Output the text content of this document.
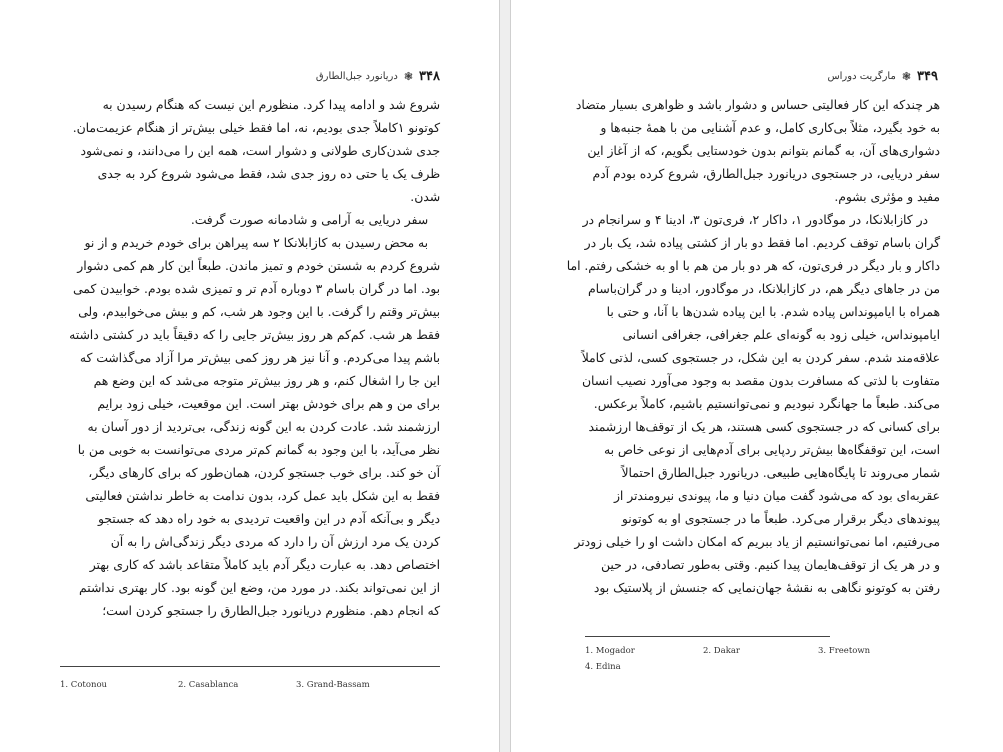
دریانورد جبل‌الطارق ❃ ۳۴۸
شروع شد و ادامه پیدا کرد. منظورم این نیست که هنگام رسیدن به
کوتونو ۱کاملاً جدی بودیم، نه، اما فقط خیلی بیش‌تر از هنگام عزیمت‌مان.
جدی شدن‌کاری طولانی و دشوار است، همه این را می‌دانند، و نمی‌شود
ظرف یک یا حتی ده روز جدی شد، فقط می‌شود شروع کرد به جدی
شدن.
سفر دریایی به آرامی و شادمانه صورت گرفت.
به محض رسیدن به کازابلانکا ۲ سه پیراهن برای خودم خریدم و از نو
شروع کردم به شستن خودم و تمیز ماندن. طبعاً این کار هم کمی دشوار
بود. اما در گران باسام ۳ دوباره آدم تر و تمیزی شده بودم. خوابیدن کمی
بیش‌تر وقتم را گرفت. با این وجود هر شب، کم و بیش می‌خوابیدم، ولی
فقط هر شب. کم‌کم هر روز بیش‌تر جایی را که دقیقاً باید در کشتی داشته
باشم پیدا می‌کردم. و آنا نیز هر روز کمی بیش‌تر مرا آزاد می‌گذاشت که
این جا را اشغال کنم، و هر روز بیش‌تر متوجه می‌شد که این وضع هم
برای من و هم برای خودش بهتر است. این موقعیت، خیلی زود برایم
ارزشمند شد. عادت کردن به این گونه زندگی، بی‌تردید از دور آسان به
نظر می‌آید، با این وجود به گمانم کم‌تر مردی می‌توانست به خوبی من با
آن خو کند. برای خوب جستجو کردن، همان‌طور که برای کارهای دیگر،
فقط به این شکل باید عمل کرد، بدون ندامت به خاطر نداشتن فعالیتی
دیگر و بی‌آنکه آدم در این واقعیت تردیدی به خود راه دهد که جستجو
کردن یک مرد ارزش آن را دارد که مردی دیگر زندگی‌اش را به آن
اختصاص دهد. به عبارت دیگر آدم باید کاملاً متقاعد باشد که کاری بهتر
از این نمی‌تواند بکند. در مورد من، وضع این گونه بود. کار بهتری نداشتم
که انجام دهم. منظورم دریانورد جبل‌الطارق را جستجو کردن است؛
1. Cotonou	2. Casablanca	3. Grand-Bassam
مارگریت دوراس ❃ ۳۴۹
هر چندکه این کار فعالیتی حساس و دشوار باشد و ظواهری بسیار متضاد
به خود بگیرد، مثلاً بی‌کاری کامل، و عدم آشنایی من با همهٔ جنبه‌ها و
دشواری‌های آن، به گمانم بتوانم بدون خودستایی بگویم، که از آغاز این
سفر دریایی، در جستجوی دریانورد جبل‌الطارق، شروع کرده بودم آدم
مفید و مؤثری بشوم.
در کازابلانکا، در موگادور ۱، داکار ۲، فری‌تون ۳، ادینا ۴ و سرانجام در
گران باسام توقف کردیم. اما فقط دو بار از کشتی پیاده شد، یک بار در
داکار و بار دیگر در فری‌تون، که هر دو بار من هم با او به خشکی رفتم. اما
من در جاهای دیگر هم، در کازابلانکا، در موگادور، ادینا و در گران‌باسام
همراه با ایامپونداس پیاده شدم. با این پیاده شدن‌ها با آنا، و حتی با
ایامپونداس، خیلی زود به گونه‌ای علم جغرافی، جغرافی انسانی
علاقه‌مند شدم. سفر کردن به این شکل، در جستجوی کسی، لذتی کاملاً
متفاوت با لذتی که مسافرت بدون مقصد به وجود می‌آورد نصیب انسان
می‌کند. طبعاً ما جهانگرد نبودیم و نمی‌توانستیم باشیم، کاملاً برعکس.
برای کسانی که در جستجوی کسی هستند، هر یک از توقف‌ها ارزشمند
است، این توقفگاه‌ها بیش‌تر ردپایی برای آدم‌هایی از نوعی خاص به
شمار می‌روند تا پایگاه‌هایی طبیعی. دریانورد جبل‌الطارق احتمالاً
عقربه‌ای بود که می‌شود گفت میان دنیا و ما، پیوندی نیرومندتر از
پیوندهای دیگر برقرار می‌کرد. طبعاً ما در جستجوی او به کوتونو
می‌رفتیم، اما نمی‌توانستیم از یاد ببریم که امکان داشت او را خیلی زودتر
و در هر یک از توقف‌هایمان پیدا کنیم. وقتی به‌طور تصادفی، در حین
رفتن به کوتونو نگاهی به نقشهٔ جهان‌نمایی که جنسش از پلاستیک بود
1. Mogador	2. Dakar	3. Freetown
4. Edina
